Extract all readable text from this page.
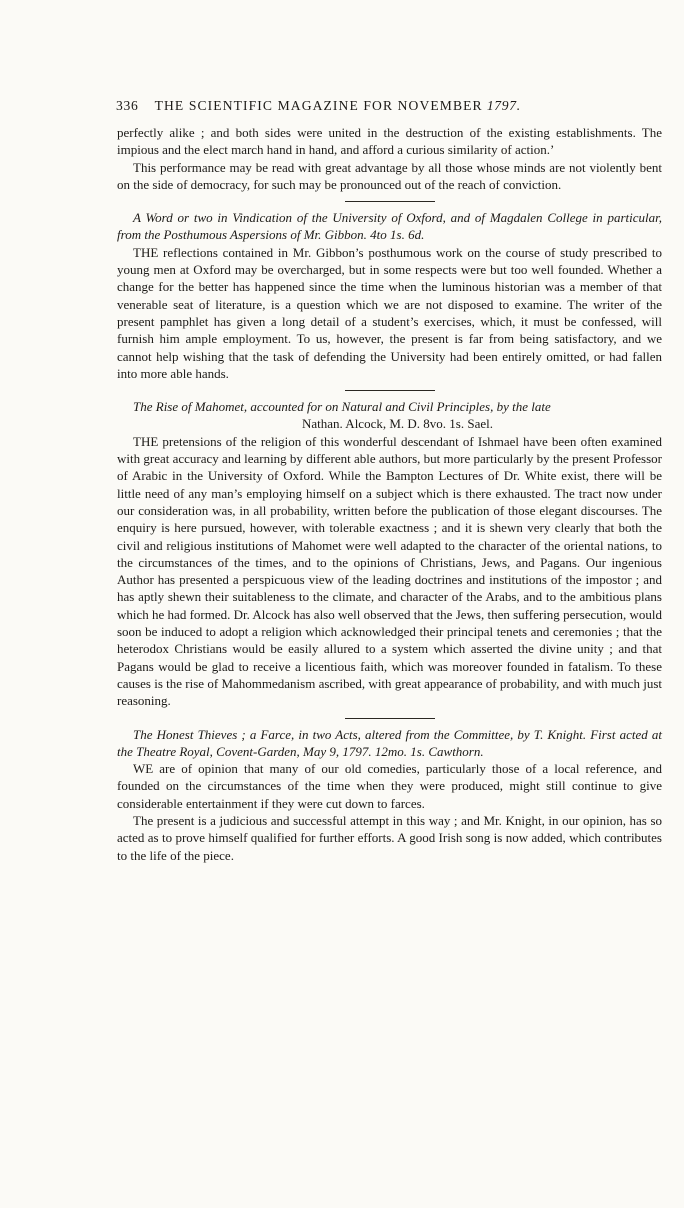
336 THE SCIENTIFIC MAGAZINE FOR NOVEMBER 1797.

perfectly alike ; and both sides were united in the destruction of the existing establishments. The impious and the elect march hand in hand, and afford a curious similarity of action.’

This performance may be read with great advantage by all those whose minds are not violently bent on the side of democracy, for such may be pronounced out of the reach of conviction.

A Word or two in Vindication of the University of Oxford, and of Magdalen College in particular, from the Posthumous Aspersions of Mr. Gibbon. 4to 1s. 6d.

THE reflections contained in Mr. Gibbon’s posthumous work on the course of study prescribed to young men at Oxford may be overcharged, but in some respects were but too well founded. Whether a change for the better has happened since the time when the luminous historian was a member of that venerable seat of literature, is a question which we are not disposed to examine. The writer of the present pamphlet has given a long detail of a student’s exercises, which, it must be confessed, will furnish him ample employment. To us, however, the present is far from being satisfactory, and we cannot help wishing that the task of defending the University had been entirely omitted, or had fallen into more able hands.

The Rise of Mahomet, accounted for on Natural and Civil Principles, by the late
Nathan. Alcock, M. D. 8vo. 1s. Sael.

THE pretensions of the religion of this wonderful descendant of Ishmael have been often examined with great accuracy and learning by different able authors, but more particularly by the present Professor of Arabic in the University of Oxford. While the Bampton Lectures of Dr. White exist, there will be little need of any man’s employing himself on a subject which is there exhausted. The tract now under our consideration was, in all probability, written before the publication of those elegant discourses. The enquiry is here pursued, however, with tolerable exactness ; and it is shewn very clearly that both the civil and religious institutions of Mahomet were well adapted to the character of the oriental nations, to the circumstances of the times, and to the opinions of Christians, Jews, and Pagans. Our ingenious Author has presented a perspicuous view of the leading doctrines and institutions of the impostor ; and has aptly shewn their suitableness to the climate, and character of the Arabs, and to the ambitious plans which he had formed. Dr. Alcock has also well observed that the Jews, then suffering persecution, would soon be induced to adopt a religion which acknowledged their principal tenets and ceremonies ; that the heterodox Christians would be easily allured to a system which asserted the divine unity ; and that Pagans would be glad to receive a licentious faith, which was moreover founded in fatalism. To these causes is the rise of Mahommedanism ascribed, with great appearance of probability, and with much just reasoning.

The Honest Thieves ; a Farce, in two Acts, altered from the Committee, by T. Knight. First acted at the Theatre Royal, Covent-Garden, May 9, 1797. 12mo. 1s. Cawthorn.

WE are of opinion that many of our old comedies, particularly those of a local reference, and founded on the circumstances of the time when they were produced, might still continue to give considerable entertainment if they were cut down to farces.

The present is a judicious and successful attempt in this way ; and Mr. Knight, in our opinion, has so acted as to prove himself qualified for further efforts. A good Irish song is now added, which contributes to the life of the piece.
